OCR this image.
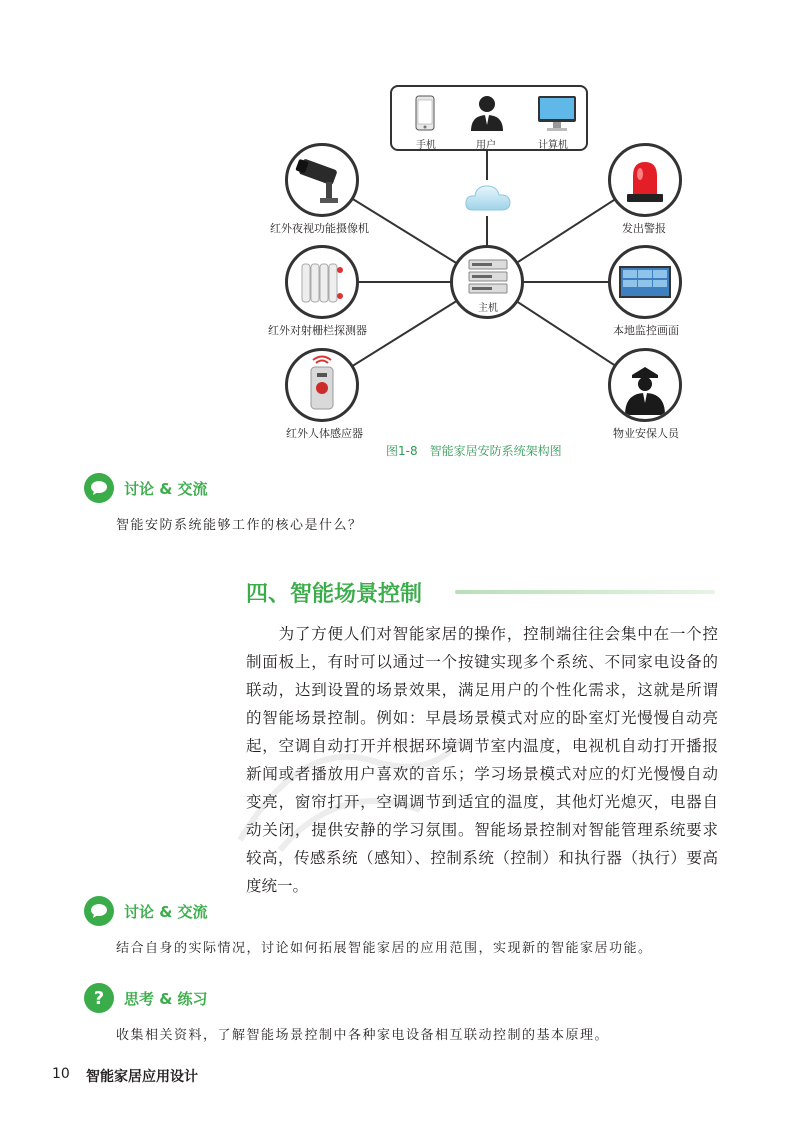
手机	用户	计算机
主机
红外夜视功能摄像机
红外对射栅栏探测器
红外人体感应器
发出警报
本地监控画面
物业安保人员
图1-8 智能家居安防系统架构图
讨论 & 交流
智能安防系统能够工作的核心是什么？
四、智能场景控制
　　为了方便人们对智能家居的操作，控制端往往会集中在一个控
制面板上，有时可以通过一个按键实现多个系统、不同家电设备的
联动，达到设置的场景效果，满足用户的个性化需求，这就是所谓
的智能场景控制。例如：早晨场景模式对应的卧室灯光慢慢自动亮
起，空调自动打开并根据环境调节室内温度，电视机自动打开播报
新闻或者播放用户喜欢的音乐；学习场景模式对应的灯光慢慢自动
变亮，窗帘打开，空调调节到适宜的温度，其他灯光熄灭，电器自
动关闭，提供安静的学习氛围。智能场景控制对智能管理系统要求
较高，传感系统（感知）、控制系统（控制）和执行器（执行）要高
度统一。
讨论 & 交流
结合自身的实际情况，讨论如何拓展智能家居的应用范围，实现新的智能家居功能。
? 思考 & 练习
收集相关资料，了解智能场景控制中各种家电设备相互联动控制的基本原理。
10 智能家居应用设计
